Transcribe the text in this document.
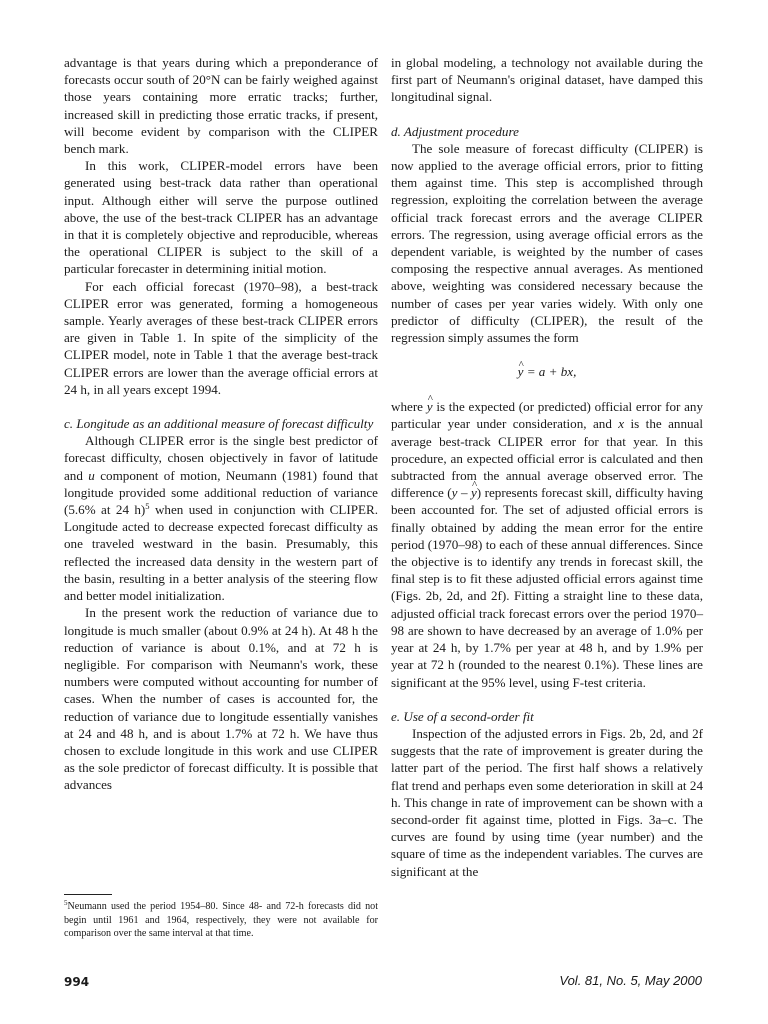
advantage is that years during which a preponderance of forecasts occur south of 20°N can be fairly weighed against those years containing more erratic tracks; further, increased skill in predicting those erratic tracks, if present, will become evident by comparison with the CLIPER bench mark.

In this work, CLIPER-model errors have been generated using best-track data rather than operational input. Although either will serve the purpose outlined above, the use of the best-track CLIPER has an advantage in that it is completely objective and reproducible, whereas the operational CLIPER is subject to the skill of a particular forecaster in determining initial motion.

For each official forecast (1970–98), a best-track CLIPER error was generated, forming a homogeneous sample. Yearly averages of these best-track CLIPER errors are given in Table 1. In spite of the simplicity of the CLIPER model, note in Table 1 that the average best-track CLIPER errors are lower than the average official errors at 24 h, in all years except 1994.

c. Longitude as an additional measure of forecast difficulty

Although CLIPER error is the single best predictor of forecast difficulty, chosen objectively in favor of latitude and u component of motion, Neumann (1981) found that longitude provided some additional reduction of variance (5.6% at 24 h)$^5$ when used in conjunction with CLIPER. Longitude acted to decrease expected forecast difficulty as one traveled westward in the basin. Presumably, this reflected the increased data density in the western part of the basin, resulting in a better analysis of the steering flow and better model initialization.

In the present work the reduction of variance due to longitude is much smaller (about 0.9% at 24 h). At 48 h the reduction of variance is about 0.1%, and at 72 h is negligible. For comparison with Neumann's work, these numbers were computed without accounting for number of cases. When the number of cases is accounted for, the reduction of variance due to longitude essentially vanishes at 24 and 48 h, and is about 1.7% at 72 h. We have thus chosen to exclude longitude in this work and use CLIPER as the sole predictor of forecast difficulty. It is possible that advances

in global modeling, a technology not available during the first part of Neumann's original dataset, have damped this longitudinal signal.

d. Adjustment procedure

The sole measure of forecast difficulty (CLIPER) is now applied to the average official errors, prior to fitting them against time. This step is accomplished through regression, exploiting the correlation between the average official track forecast errors and the average CLIPER errors. The regression, using average official errors as the dependent variable, is weighted by the number of cases composing the respective annual averages. As mentioned above, weighting was considered necessary because the number of cases per year varies widely. With only one predictor of difficulty (CLIPER), the result of the regression simply assumes the form

^ y = a + bx,

where ^ y is the expected (or predicted) official error for any particular year under consideration, and x is the annual average best-track CLIPER error for that year. In this procedure, an expected official error is calculated and then subtracted from the annual average observed error. The difference (y – ^ y) represents forecast skill, difficulty having been accounted for. The set of adjusted official errors is finally obtained by adding the mean error for the entire period (1970–98) to each of these annual differences. Since the objective is to identify any trends in forecast skill, the final step is to fit these adjusted official errors against time (Figs. 2b, 2d, and 2f). Fitting a straight line to these data, adjusted official track forecast errors over the period 1970–98 are shown to have decreased by an average of 1.0% per year at 24 h, by 1.7% per year at 48 h, and by 1.9% per year at 72 h (rounded to the nearest 0.1%). These lines are significant at the 95% level, using F-test criteria.

e. Use of a second-order fit

Inspection of the adjusted errors in Figs. 2b, 2d, and 2f suggests that the rate of improvement is greater during the latter part of the period. The first half shows a relatively flat trend and perhaps even some deterioration in skill at 24 h. This change in rate of improvement can be shown with a second-order fit against time, plotted in Figs. 3a–c. The curves are found by using time (year number) and the square of time as the independent variables. The curves are significant at the

$^5$Neumann used the period 1954–80. Since 48- and 72-h forecasts did not begin until 1961 and 1964, respectively, they were not available for comparison over the same interval at that time.

994	Vol. 81, No. 5, May 2000
